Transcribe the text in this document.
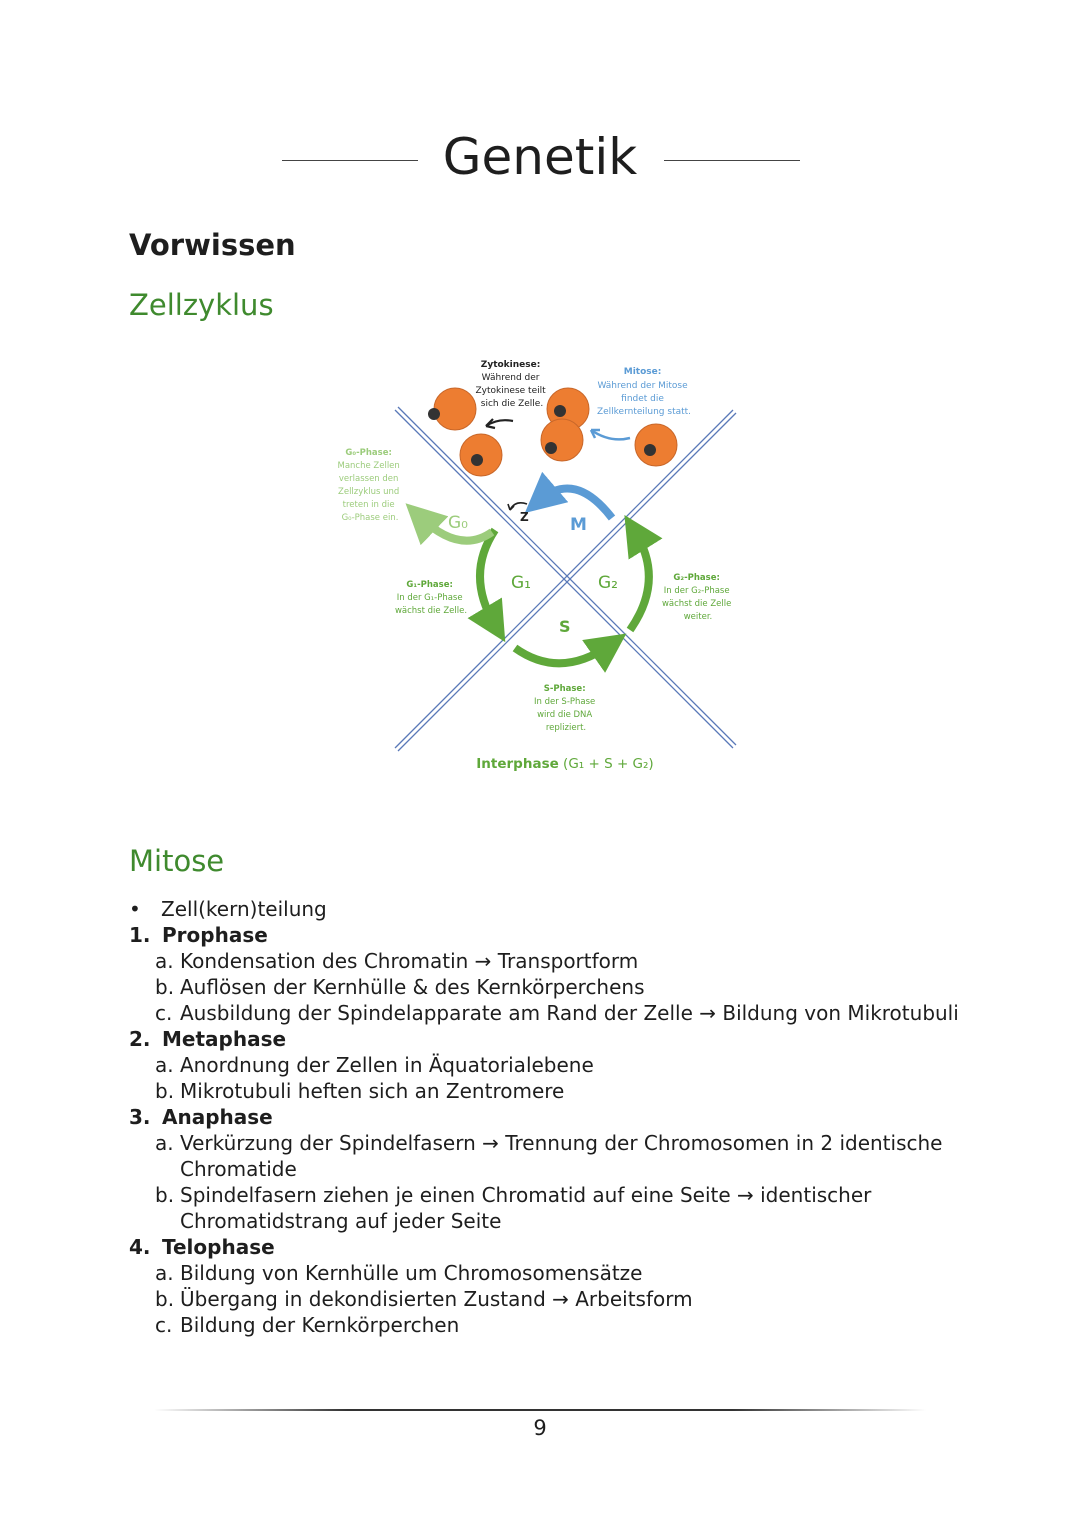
Genetik
Vorwissen
Zellzyklus
G₀
G₁	G₂
S
M
Z
Zytokinese: Während der Zytokinese teilt sich die Zelle.
Mitose: Während der Mitose findet die Zellkernteilung statt.
G₀-Phase: Manche Zellen verlassen den Zellzyklus und treten in die G₀-Phase ein.
G₁-Phase: In der G₁-Phase wächst die Zelle.
G₂-Phase: In der G₂-Phase wächst die Zelle weiter.
S-Phase: In der S-Phase wird die DNA repliziert.
Interphase (G₁ + S + G₂)
Mitose
• Zell(kern)teilung
1. Prophase
a. Kondensation des Chromatin → Transportform
b. Auflösen der Kernhülle & des Kernkörperchens
c. Ausbildung der Spindelapparate am Rand der Zelle → Bildung von Mikrotubuli
2. Metaphase
a. Anordnung der Zellen in Äquatorialebene
b. Mikrotubuli heften sich an Zentromere
3. Anaphase
a. Verkürzung der Spindelfasern → Trennung der Chromosomen in 2 identische Chromatide
b. Spindelfasern ziehen je einen Chromatid auf eine Seite → identischer Chromatidstrang auf jeder Seite
4. Telophase
a. Bildung von Kernhülle um Chromosomensätze
b. Übergang in dekondisierten Zustand → Arbeitsform
c. Bildung der Kernkörperchen
9
